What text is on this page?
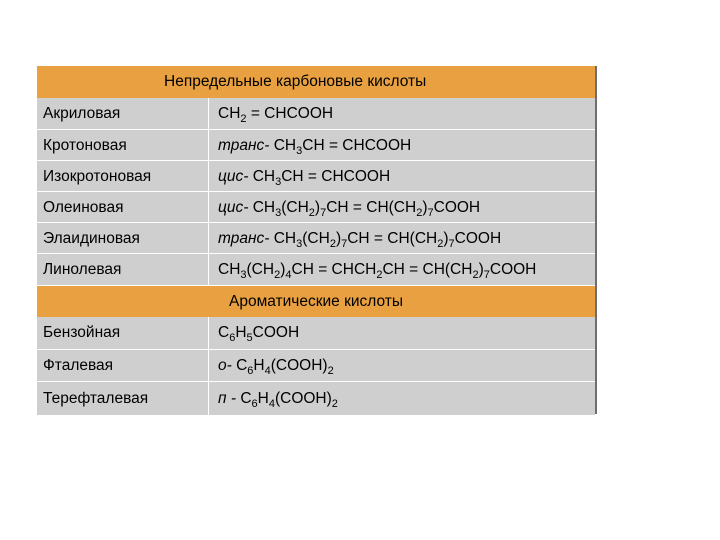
Непредельные карбоновые кислоты
Акриловая	$CH_2$ = CHCOOH
Кротоновая	транс- $CH_3CH$ = CHCOOH
Изокротоновая	цис- $CH_3CH$ = CHCOOH
Олеиновая	цис- $CH_3(CH_2)_7CH$ = $CH(CH_2)_7COOH$
Элаидиновая	транс- $CH_3(CH_2)_7CH$ = $CH(CH_2)_7COOH$
Линолевая	$CH_3(CH_2)_4CH$ = $CHCH_2CH$ = $CH(CH_2)_7COOH$
Ароматические кислоты
Бензойная	$C_6H_5COOH$
Фталевая	о- $C_6H_4(COOH)_2$
Терефталевая	п - $C_6H_4(COOH)_2$
